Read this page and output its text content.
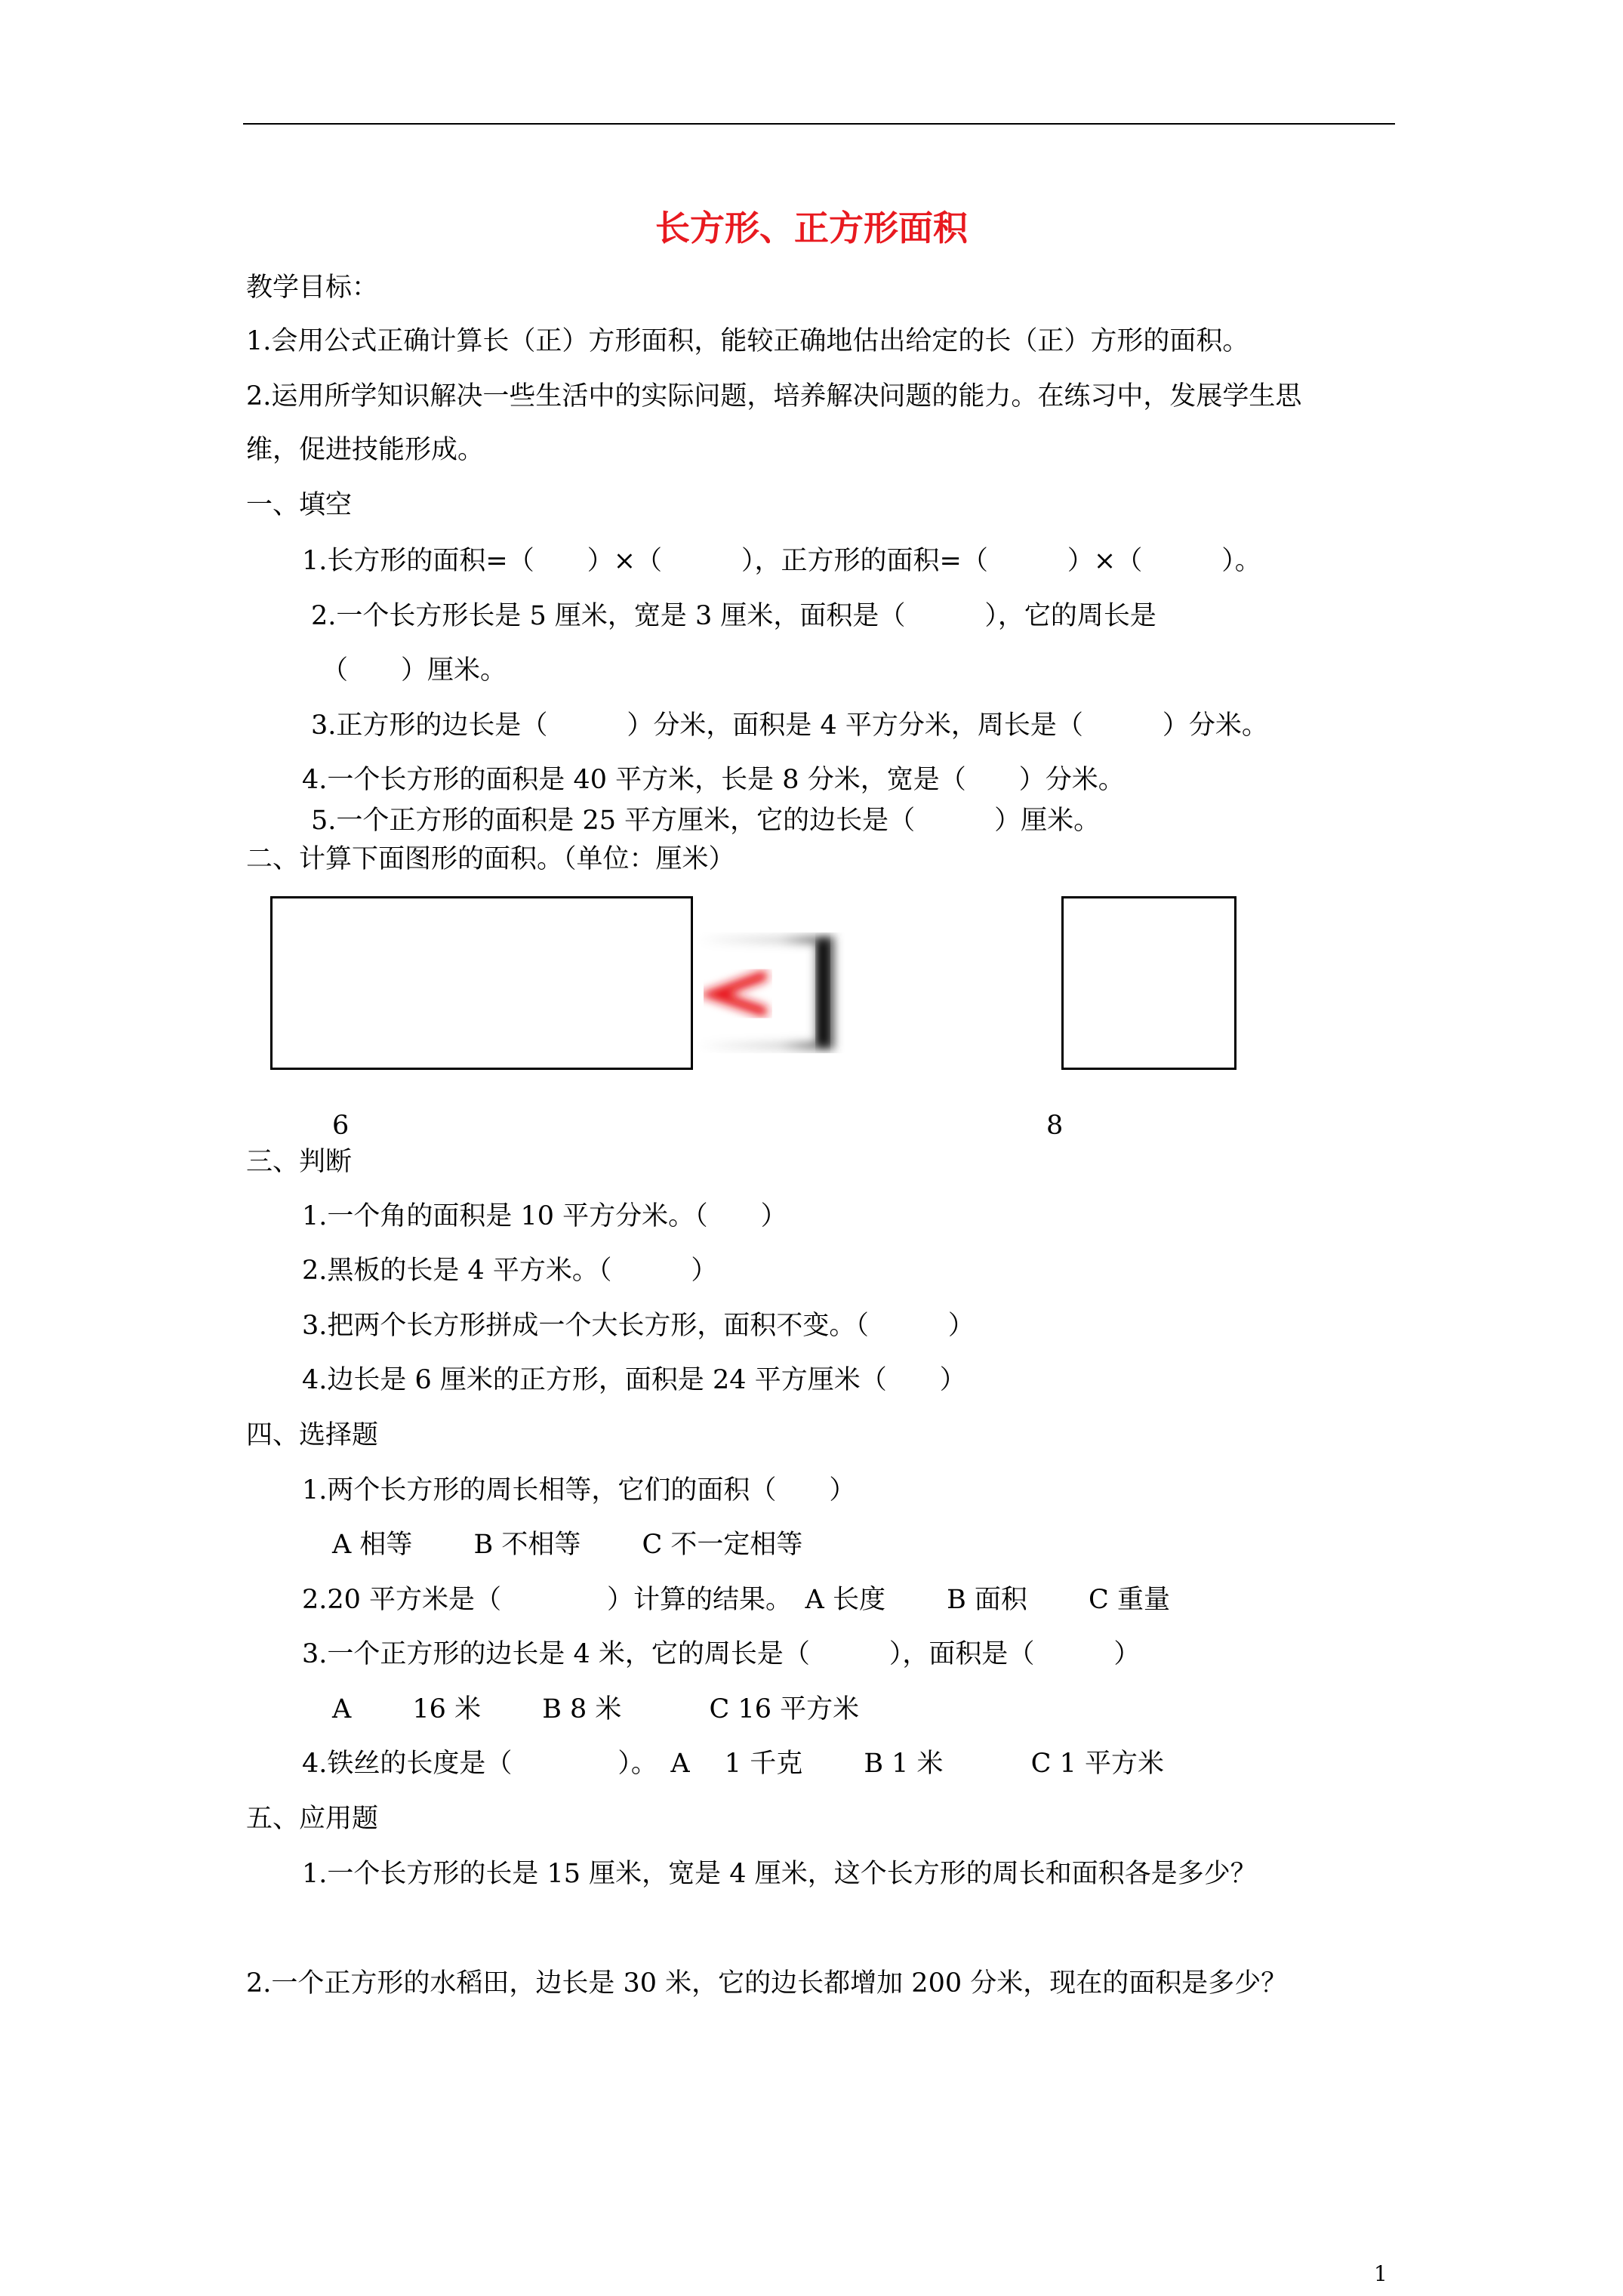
长方形、正方形面积
教学目标：
1.会用公式正确计算长（正）方形面积，能较正确地估出给定的长（正）方形的面积。
2.运用所学知识解决一些生活中的实际问题，培养解决问题的能力。在练习中，发展学生思
维，促进技能形成。
一、填空
1.长方形的面积=（　　）×（　　　），正方形的面积=（　　　）×（　　　）。
2.一个长方形长是 5 厘米，宽是 3 厘米，面积是（　　　），它的周长是
（　　）厘米。
3.正方形的边长是（　　　）分米，面积是 4 平方分米，周长是（　　　）分米。
4.一个长方形的面积是 40 平方米，长是 8 分米，宽是（　　）分米。
5.一个正方形的面积是 25 平方厘米，它的边长是（　　　）厘米。
二、计算下面图形的面积。（单位：厘米）
6	8
三、判断
1.一个角的面积是 10 平方分米。（　　）
2.黑板的长是 4 平方米。（　　　）
3.把两个长方形拼成一个大长方形，面积不变。（　　　）
4.边长是 6 厘米的正方形，面积是 24 平方厘米（　　）
四、选择题
1.两个长方形的周长相等，它们的面积（　　）
A 相等　　 B 不相等　　 C 不一定相等
2.20 平方米是（　　　　）计算的结果。　A 长度　　 B 面积　　 C 重量
3.一个正方形的边长是 4 米，它的周长是（　　　），面积是（　　　）
A　　 16 米　　 B 8 米　　　 C 16 平方米
4.铁丝的长度是（　　　　）。　A　 1 千克　　 B 1 米　　　 C 1 平方米
五、应用题
1.一个长方形的长是 15 厘米，宽是 4 厘米，这个长方形的周长和面积各是多少？
2.一个正方形的水稻田，边长是 30 米，它的边长都增加 200 分米，现在的面积是多少？
1
